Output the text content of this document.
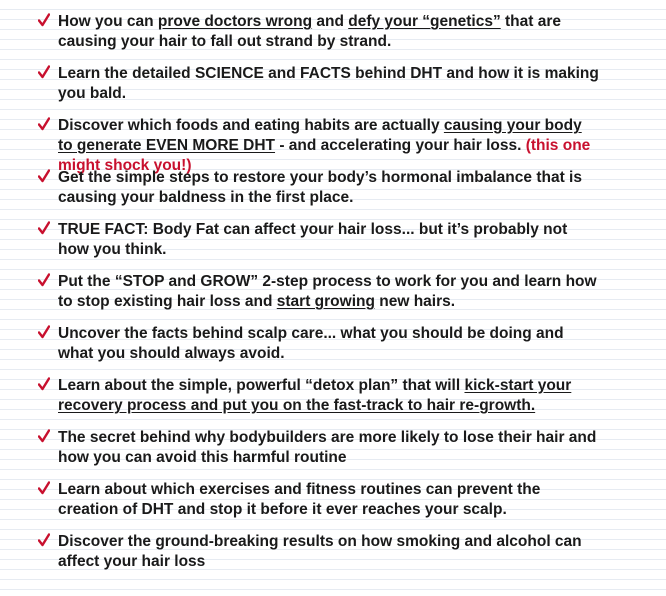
How you can prove doctors wrong and defy your “genetics” that are
causing your hair to fall out strand by strand.
Learn the detailed SCIENCE and FACTS behind DHT and how it is making
you bald.
Discover which foods and eating habits are actually causing your body
to generate EVEN MORE DHT - and accelerating your hair loss. (this one
might shock you!)
Get the simple steps to restore your body’s hormonal imbalance that is
causing your baldness in the first place.
TRUE FACT: Body Fat can affect your hair loss... but it’s probably not
how you think.
Put the “STOP and GROW” 2-step process to work for you and learn how
to stop existing hair loss and start growing new hairs.
Uncover the facts behind scalp care... what you should be doing and
what you should always avoid.
Learn about the simple, powerful “detox plan” that will kick-start your
recovery process and put you on the fast-track to hair re-growth.
The secret behind why bodybuilders are more likely to lose their hair and
how you can avoid this harmful routine
Learn about which exercises and fitness routines can prevent the
creation of DHT and stop it before it ever reaches your scalp.
Discover the ground-breaking results on how smoking and alcohol can
affect your hair loss
